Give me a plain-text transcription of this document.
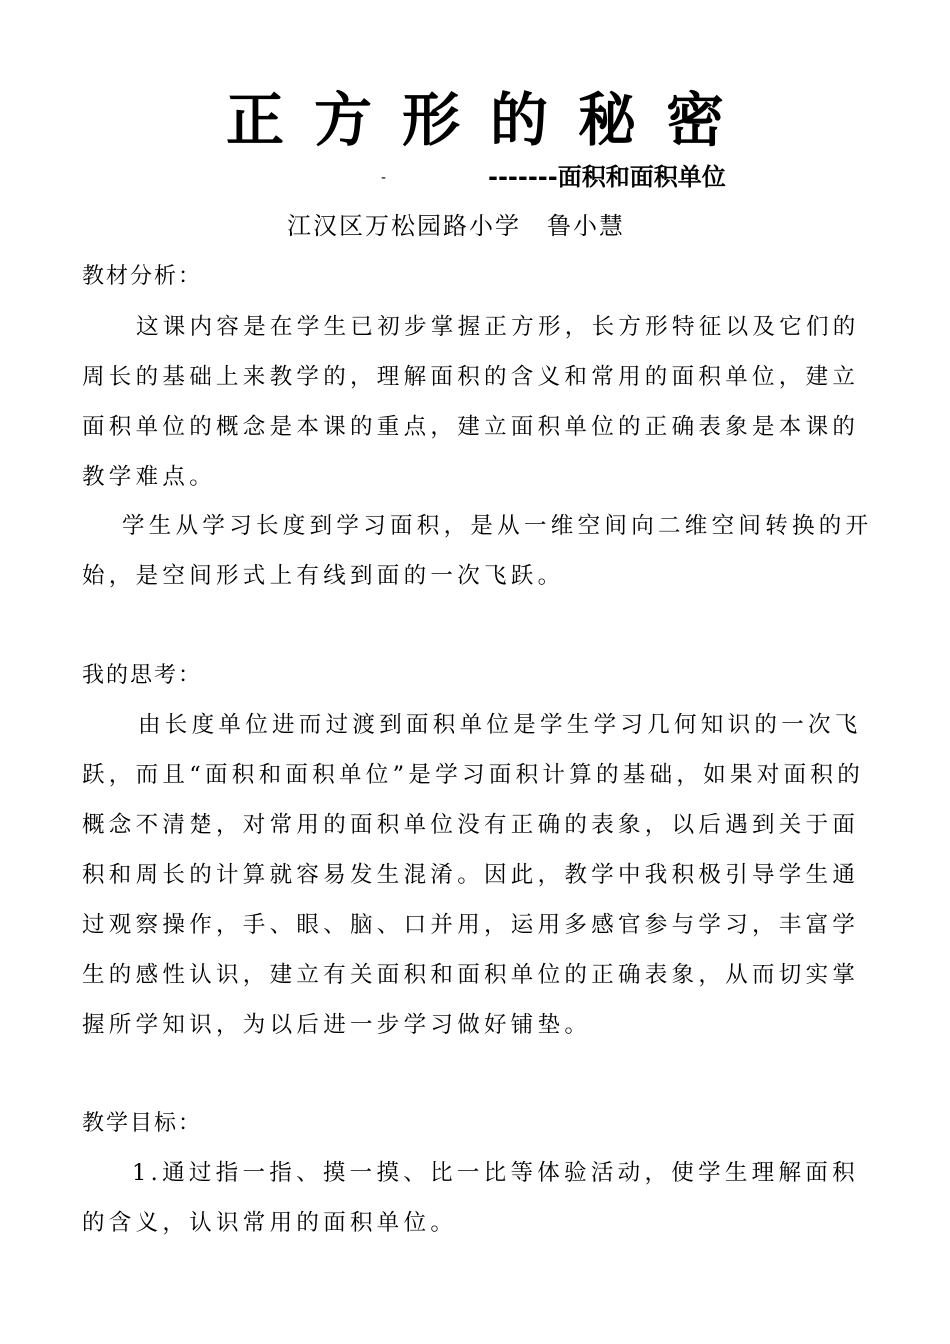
正方形的秘密
-	-------面积和面积单位
江汉区万松园路小学　鲁小慧
教材分析：

这课内容是在学生已初步掌握正方形，长方形特征以及它们的周长的基础上来教学的，理解面积的含义和常用的面积单位，建立面积单位的概念是本课的重点，建立面积单位的正确表象是本课的教学难点。

学生从学习长度到学习面积，是从一维空间向二维空间转换的开始，是空间形式上有线到面的一次飞跃。

我的思考：

由长度单位进而过渡到面积单位是学生学习几何知识的一次飞跃，而且“面积和面积单位”是学习面积计算的基础，如果对面积的概念不清楚，对常用的面积单位没有正确的表象，以后遇到关于面积和周长的计算就容易发生混淆。因此，教学中我积极引导学生通过观察操作，手、眼、脑、口并用，运用多感官参与学习，丰富学生的感性认识，建立有关面积和面积单位的正确表象，从而切实掌握所学知识，为以后进一步学习做好铺垫。

教学目标：

1.通过指一指、摸一摸、比一比等体验活动，使学生理解面积的含义，认识常用的面积单位。
